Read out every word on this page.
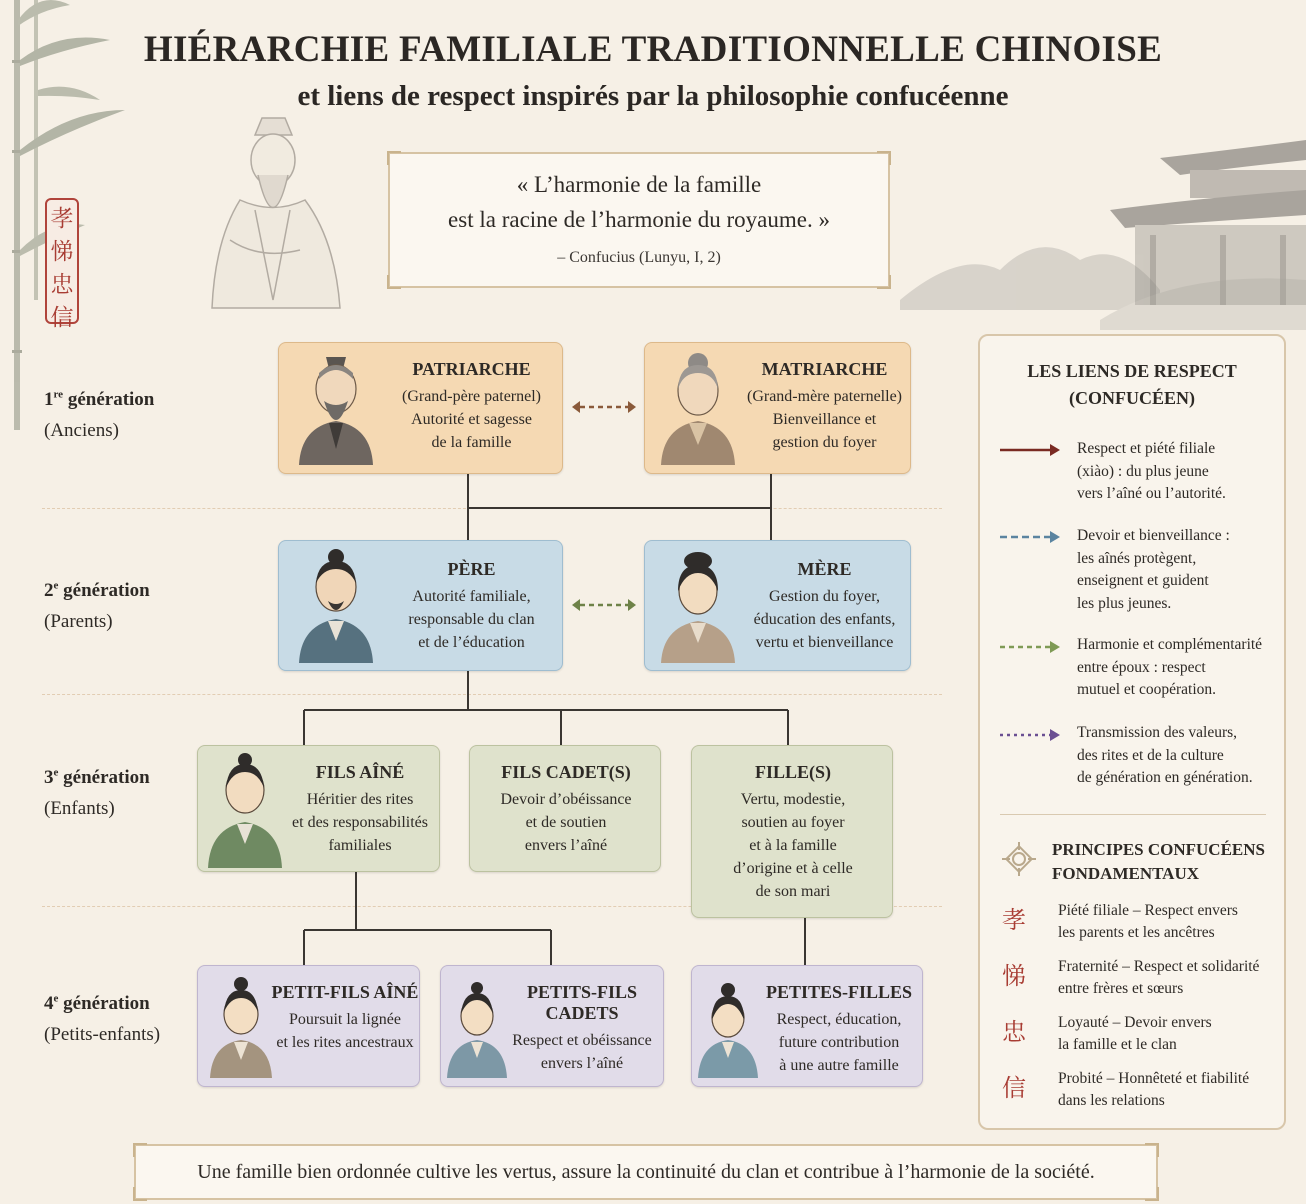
HIÉRARCHIE FAMILIALE TRADITIONNELLE CHINOISE
et liens de respect inspirés par la philosophie confucéenne
« L’harmonie de la famille
est la racine de l’harmonie du royaume. »
– Confucius (Lunyu, I, 2)
孝
悌
忠
信
1re génération
(Anciens)
2e génération
(Parents)
3e génération
(Enfants)
4e génération
(Petits-enfants)
PATRIARCHE
(Grand-père paternel)
Autorité et sagesse
de la famille
MATRIARCHE
(Grand-mère paternelle)
Bienveillance et
gestion du foyer
PÈRE
Autorité familiale,
responsable du clan
et de l’éducation
MÈRE
Gestion du foyer,
éducation des enfants,
vertu et bienveillance
FILS AÎNÉ
Héritier des rites
et des responsabilités
familiales
FILS CADET(S)
Devoir d’obéissance
et de soutien
envers l’aîné
FILLE(S)
Vertu, modestie,
soutien au foyer
et à la famille
d’origine et à celle
de son mari
PETIT-FILS AÎNÉ
Poursuit la lignée
et les rites ancestraux
PETITS-FILS CADETS
Respect et obéissance
envers l’aîné
PETITES-FILLES
Respect, éducation,
future contribution
à une autre famille
LES LIENS DE RESPECT
(CONFUCÉEN)
Respect et piété filiale
(xiào) : du plus jeune
vers l’aîné ou l’autorité.
Devoir et bienveillance :
les aînés protègent,
enseignent et guident
les plus jeunes.
Harmonie et complémentarité
entre époux : respect
mutuel et coopération.
Transmission des valeurs,
des rites et de la culture
de génération en génération.
PRINCIPES CONFUCÉENS
FONDAMENTAUX
孝 Piété filiale – Respect envers
les parents et les ancêtres
悌 Fraternité – Respect et solidarité
entre frères et sœurs
忠 Loyauté – Devoir envers
la famille et le clan
信 Probité – Honnêteté et fiabilité
dans les relations
Une famille bien ordonnée cultive les vertus, assure la continuité du clan et contribue à l’harmonie de la société.
